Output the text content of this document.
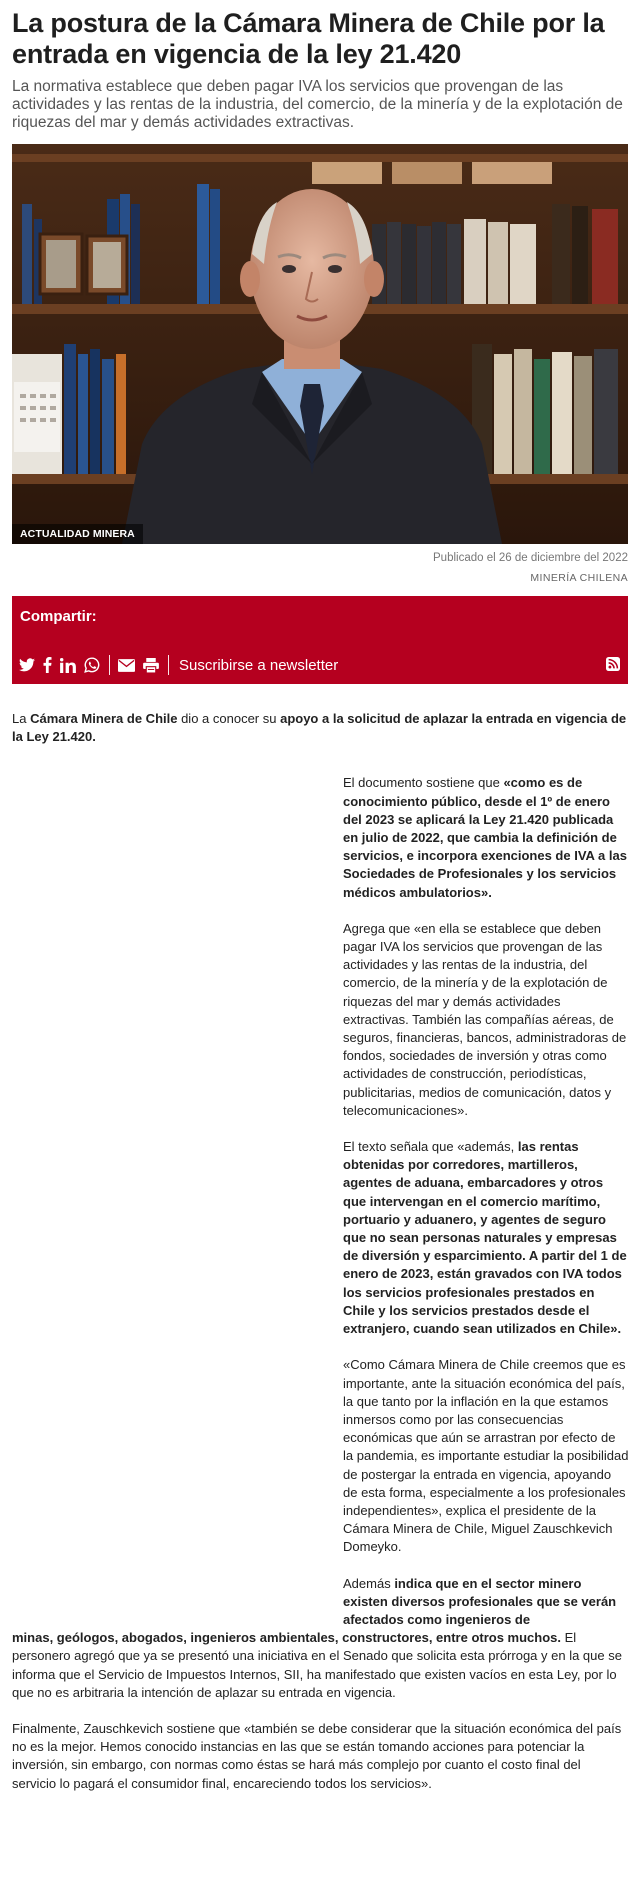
La postura de la Cámara Minera de Chile por la entrada en vigencia de la ley 21.420

La normativa establece que deben pagar IVA los servicios que provengan de las actividades y las rentas de la industria, del comercio, de la minería y de la explotación de riquezas del mar y demás actividades extractivas.

ACTUALIDAD MINERA
Publicado el 26 de diciembre del 2022
MINERÍA CHILENA
Compartir:
Suscribirse a newsletter

La Cámara Minera de Chile dio a conocer su apoyo a la solicitud de aplazar la entrada en vigencia de la Ley 21.420.

El documento sostiene que «como es de conocimiento público, desde el 1º de enero del 2023 se aplicará la Ley 21.420 publicada en julio de 2022, que cambia la definición de servicios, e incorpora exenciones de IVA a las Sociedades de Profesionales y los servicios médicos ambulatorios».

Agrega que «en ella se establece que deben pagar IVA los servicios que provengan de las actividades y las rentas de la industria, del comercio, de la minería y de la explotación de riquezas del mar y demás actividades extractivas. También las compañías aéreas, de seguros, financieras, bancos, administradoras de fondos, sociedades de inversión y otras como actividades de construcción, periodísticas, publicitarias, medios de comunicación, datos y telecomunicaciones».

El texto señala que «además, las rentas obtenidas por corredores, martilleros, agentes de aduana, embarcadores y otros que intervengan en el comercio marítimo, portuario y aduanero, y agentes de seguro que no sean personas naturales y empresas de diversión y esparcimiento. A partir del 1 de enero de 2023, están gravados con IVA todos los servicios profesionales prestados en Chile y los servicios prestados desde el extranjero, cuando sean utilizados en Chile».

«Como Cámara Minera de Chile creemos que es importante, ante la situación económica del país, la que tanto por la inflación en la que estamos inmersos como por las consecuencias económicas que aún se arrastran por efecto de la pandemia, es importante estudiar la posibilidad de postergar la entrada en vigencia, apoyando de esta forma, especialmente a los profesionales independientes», explica el presidente de la Cámara Minera de Chile, Miguel Zauschkevich Domeyko.

Además indica que en el sector minero existen diversos profesionales que se verán afectados como ingenieros de

minas, geólogos, abogados, ingenieros ambientales, constructores, entre otros muchos. El personero agregó que ya se presentó una iniciativa en el Senado que solicita esta prórroga y en la que se informa que el Servicio de Impuestos Internos, SII, ha manifestado que existen vacíos en esta Ley, por lo que no es arbitraria la intención de aplazar su entrada en vigencia.

Finalmente, Zauschkevich sostiene que «también se debe considerar que la situación económica del país no es la mejor. Hemos conocido instancias en las que se están tomando acciones para potenciar la inversión, sin embargo, con normas como éstas se hará más complejo por cuanto el costo final del servicio lo pagará el consumidor final, encareciendo todos los servicios».
